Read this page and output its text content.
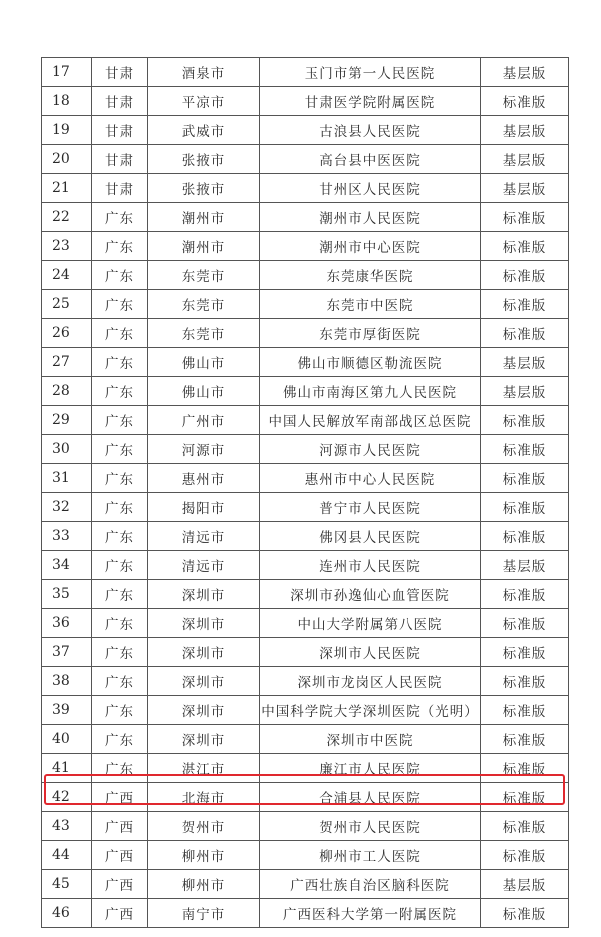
17	甘肃	酒泉市	玉门市第一人民医院	基层版
18	甘肃	平凉市	甘肃医学院附属医院	标准版
19	甘肃	武威市	古浪县人民医院	基层版
20	甘肃	张掖市	高台县中医医院	基层版
21	甘肃	张掖市	甘州区人民医院	基层版
22	广东	潮州市	潮州市人民医院	标准版
23	广东	潮州市	潮州市中心医院	标准版
24	广东	东莞市	东莞康华医院	标准版
25	广东	东莞市	东莞市中医院	标准版
26	广东	东莞市	东莞市厚街医院	标准版
27	广东	佛山市	佛山市顺德区勒流医院	基层版
28	广东	佛山市	佛山市南海区第九人民医院	基层版
29	广东	广州市	中国人民解放军南部战区总医院	标准版
30	广东	河源市	河源市人民医院	标准版
31	广东	惠州市	惠州市中心人民医院	标准版
32	广东	揭阳市	普宁市人民医院	标准版
33	广东	清远市	佛冈县人民医院	标准版
34	广东	清远市	连州市人民医院	基层版
35	广东	深圳市	深圳市孙逸仙心血管医院	标准版
36	广东	深圳市	中山大学附属第八医院	标准版
37	广东	深圳市	深圳市人民医院	标准版
38	广东	深圳市	深圳市龙岗区人民医院	标准版
39	广东	深圳市	中国科学院大学深圳医院（光明）	标准版
40	广东	深圳市	深圳市中医院	标准版
41	广东	湛江市	廉江市人民医院	标准版
42	广西	北海市	合浦县人民医院	标准版
43	广西	贺州市	贺州市人民医院	标准版
44	广西	柳州市	柳州市工人医院	标准版
45	广西	柳州市	广西壮族自治区脑科医院	基层版
46	广西	南宁市	广西医科大学第一附属医院	标准版
